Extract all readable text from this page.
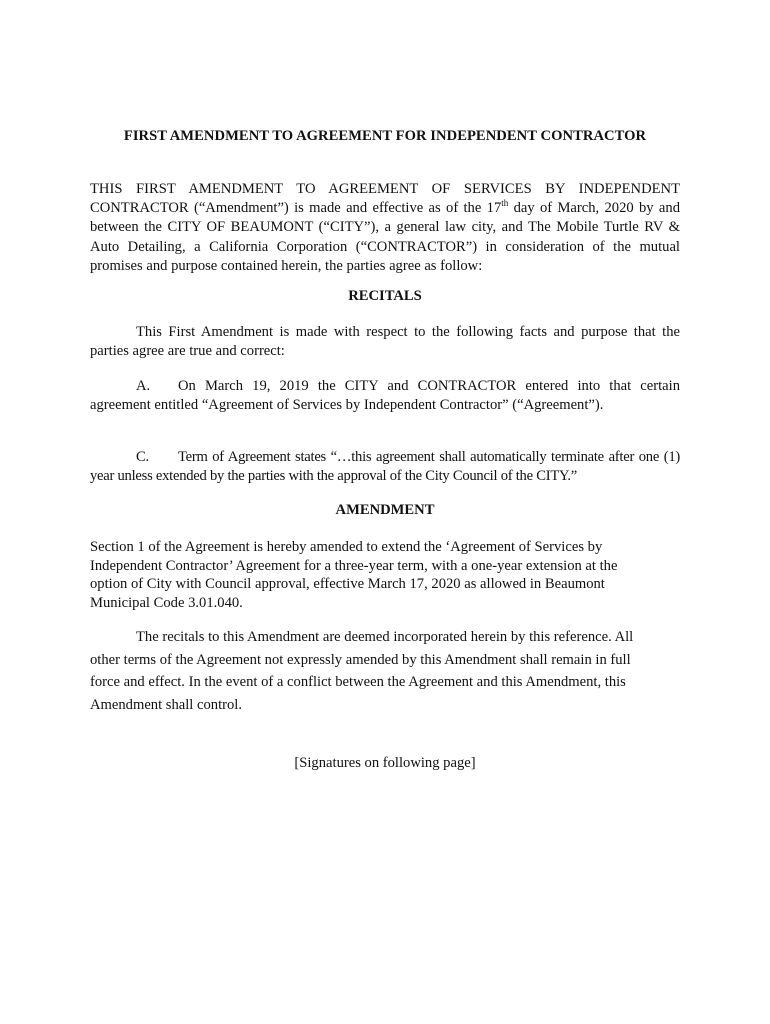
FIRST AMENDMENT TO AGREEMENT FOR INDEPENDENT CONTRACTOR

THIS FIRST AMENDMENT TO AGREEMENT OF SERVICES BY INDEPENDENT CONTRACTOR (“Amendment”) is made and effective as of the 17th day of March, 2020 by and between the CITY OF BEAUMONT (“CITY”), a general law city, and The Mobile Turtle RV & Auto Detailing, a California Corporation (“CONTRACTOR”) in consideration of the mutual promises and purpose contained herein, the parties agree as follow:

RECITALS

This First Amendment is made with respect to the following facts and purpose that the parties agree are true and correct:

A. On March 19, 2019 the CITY and CONTRACTOR entered into that certain agreement entitled “Agreement of Services by Independent Contractor” (“Agreement”).

C. Term of Agreement states “…this agreement shall automatically terminate after one (1) year unless extended by the parties with the approval of the City Council of the CITY.”

AMENDMENT

Section 1 of the Agreement is hereby amended to extend the ‘Agreement of Services by Independent Contractor’ Agreement for a three-year term, with a one-year extension at the option of City with Council approval, effective March 17, 2020 as allowed in Beaumont Municipal Code 3.01.040.

The recitals to this Amendment are deemed incorporated herein by this reference. All other terms of the Agreement not expressly amended by this Amendment shall remain in full force and effect. In the event of a conflict between the Agreement and this Amendment, this Amendment shall control.

[Signatures on following page]
